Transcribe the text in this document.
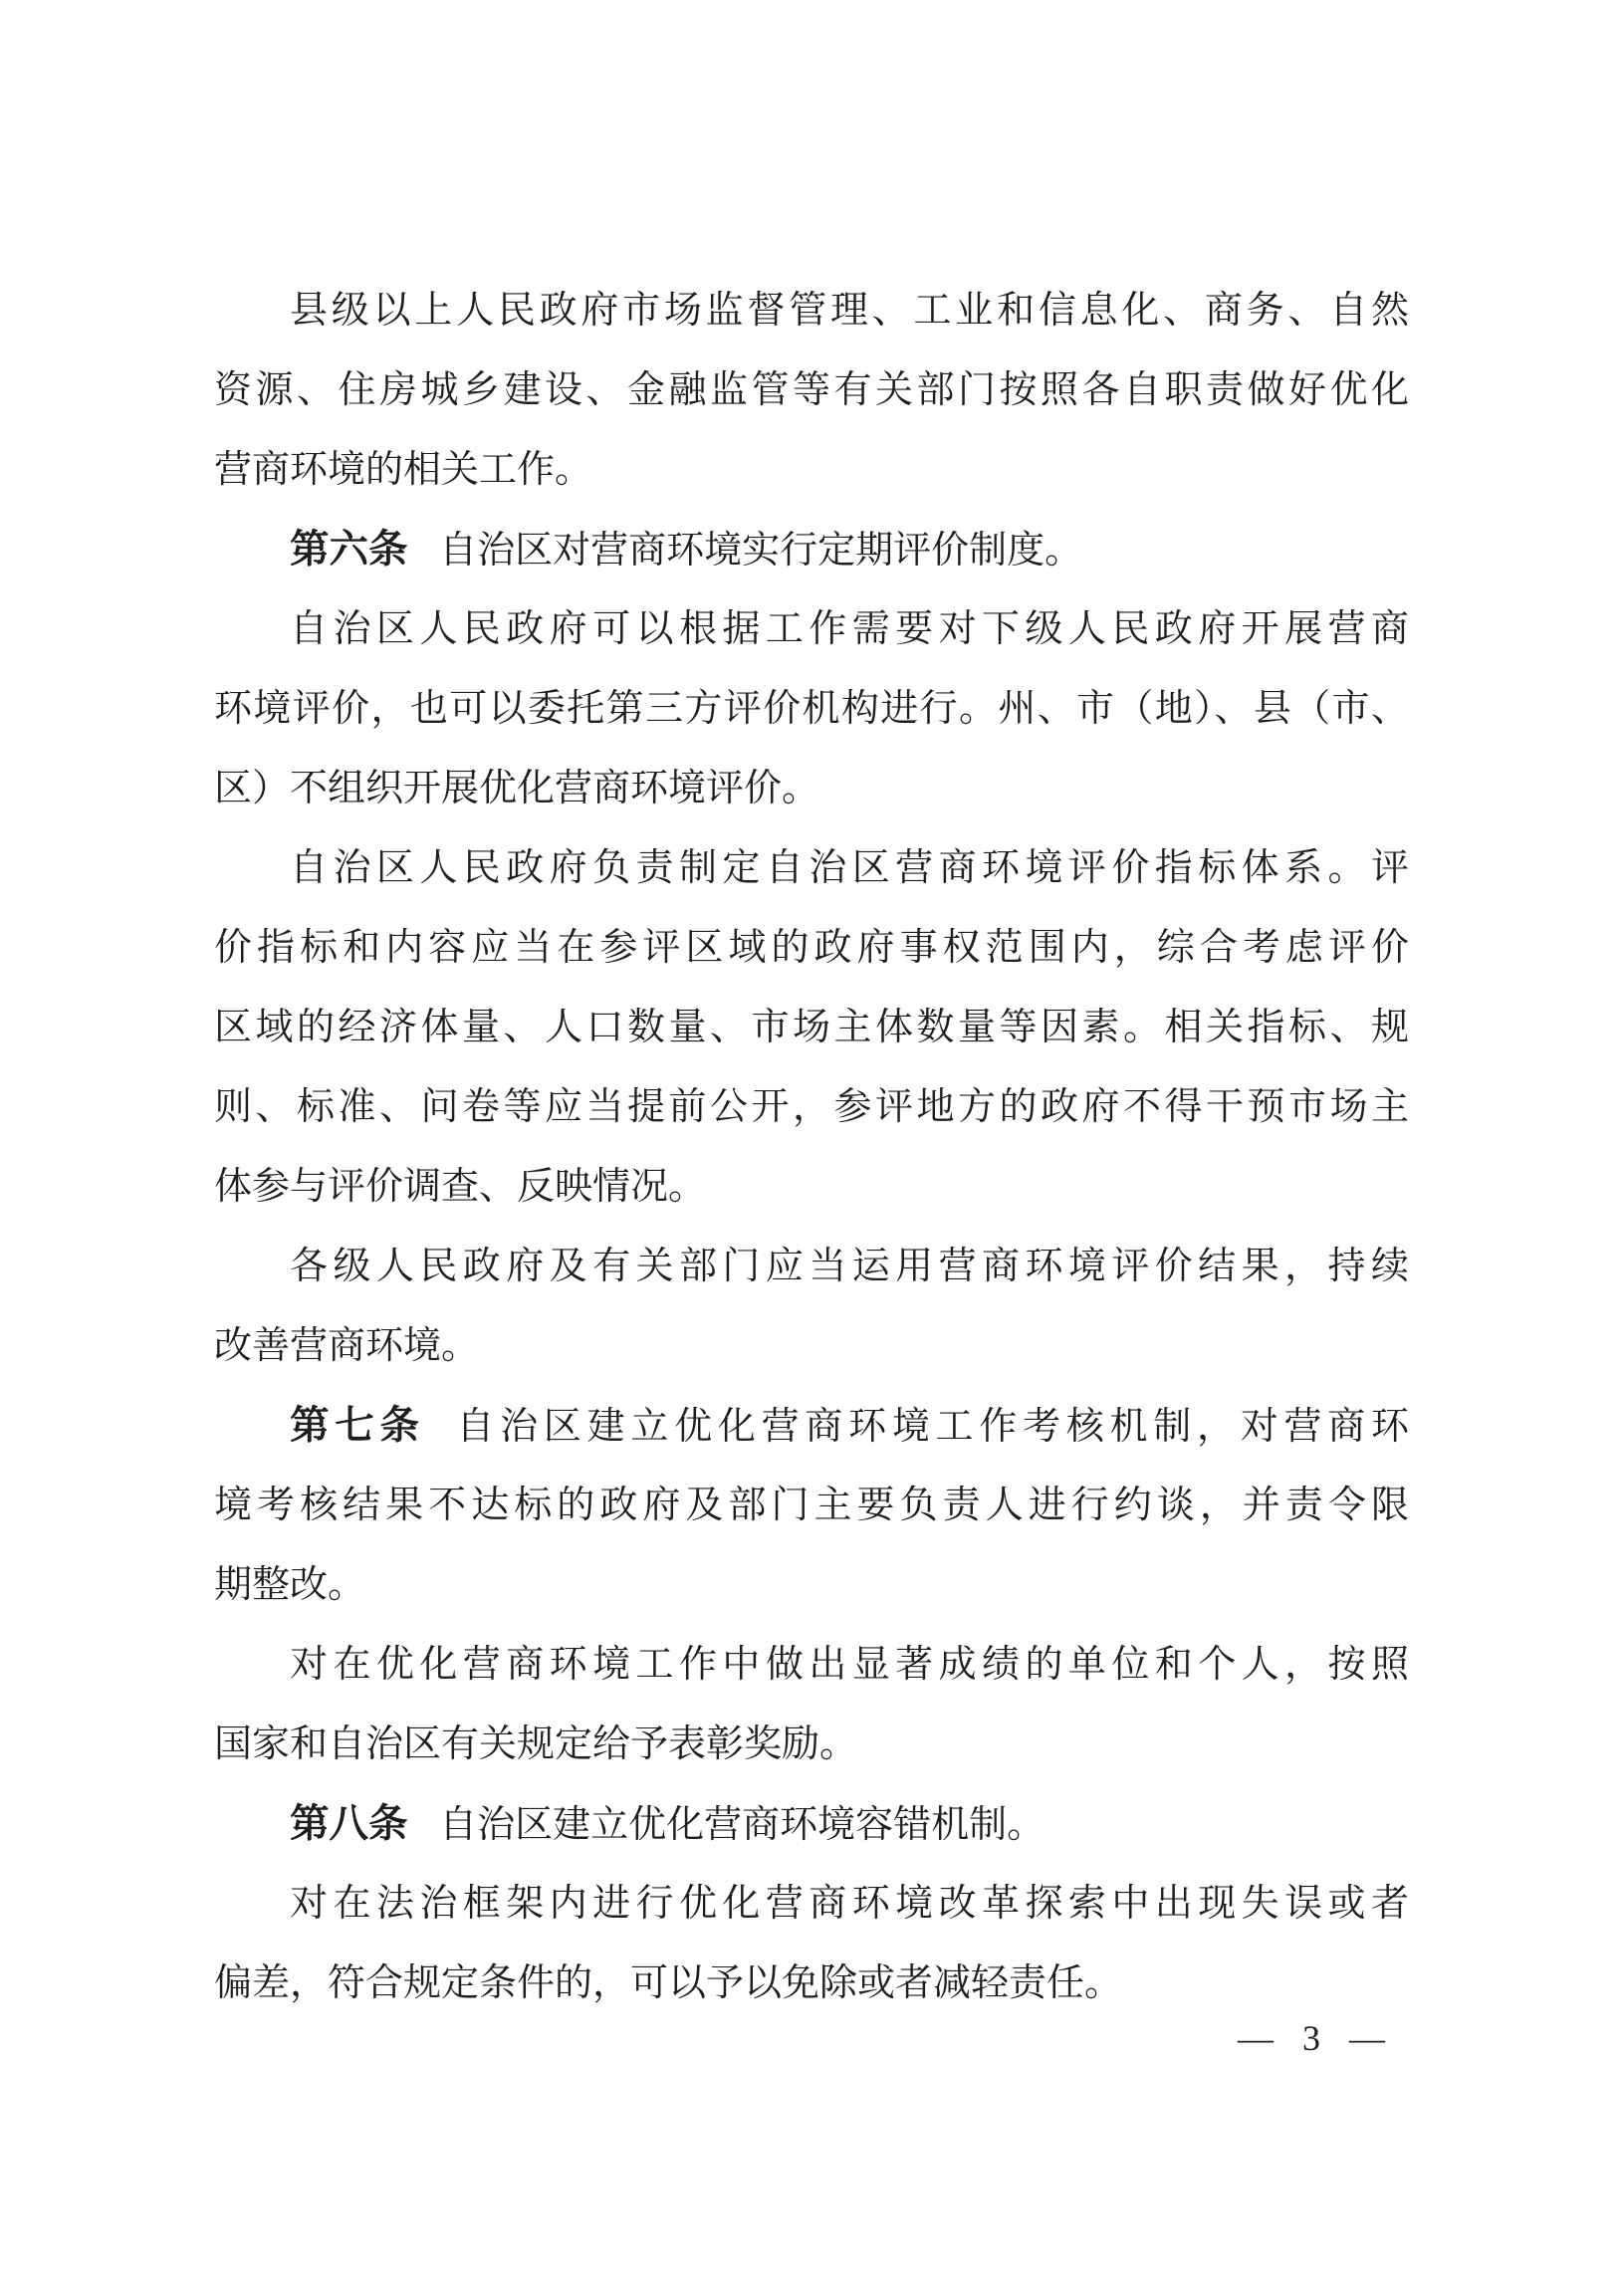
县级以上人民政府市场监督管理、工业和信息化、商务、自然
资源、住房城乡建设、金融监管等有关部门按照各自职责做好优化
营商环境的相关工作。
第六条 自治区对营商环境实行定期评价制度。
自治区人民政府可以根据工作需要对下级人民政府开展营商
环境评价，也可以委托第三方评价机构进行。州、市（地）、县（市、
区）不组织开展优化营商环境评价。
自治区人民政府负责制定自治区营商环境评价指标体系。评
价指标和内容应当在参评区域的政府事权范围内，综合考虑评价
区域的经济体量、人口数量、市场主体数量等因素。相关指标、规
则、标准、问卷等应当提前公开，参评地方的政府不得干预市场主
体参与评价调查、反映情况。
各级人民政府及有关部门应当运用营商环境评价结果，持续
改善营商环境。
第七条 自治区建立优化营商环境工作考核机制，对营商环
境考核结果不达标的政府及部门主要负责人进行约谈，并责令限
期整改。
对在优化营商环境工作中做出显著成绩的单位和个人，按照
国家和自治区有关规定给予表彰奖励。
第八条 自治区建立优化营商环境容错机制。
对在法治框架内进行优化营商环境改革探索中出现失误或者
偏差，符合规定条件的，可以予以免除或者减轻责任。
— 3 —
